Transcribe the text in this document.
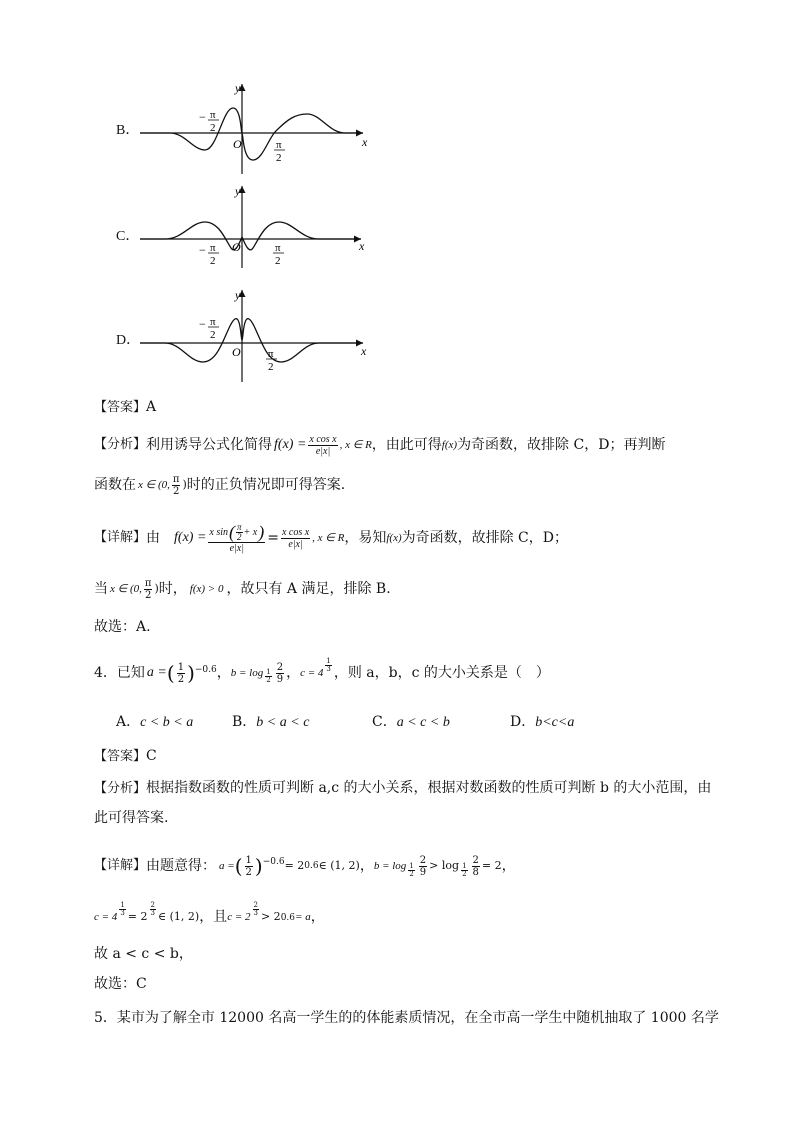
B．
x
y
O
− π
2
π
2
C．
x
y
O
− π
2
π
2
D．
x
y
O
− π
2
π
2
【答案】A
【分析】 利用诱导公式化简得 $f(x) = \frac{\text{x cos x}}{e|x|}$ , x ∈ R ，由此可得 f(x) 为奇函数，故排除 C，D；再判断
函数在 x ∈ (0, $\frac{\pi}{2}$ ) 时的正负情况即可得答案.
【详解】 由 $f(x) = \frac{x \sin ( \frac{\pi}{2} + x )}{e|x|} = \frac{\text{x cos x}}{e|x|}$ , x ∈ R ，易知 f(x) 为奇函数，故排除 C，D；
当 x ∈ (0, $\frac{\pi}{2}$ ) 时， f(x) > 0 ，故只有 A 满足，排除 B.
故选：A.
4．已知 a = ( $\frac{1}{2} )^{-0.6}$ ， $b = \log \frac{1}{2} \frac{2}{9}$ ， $c = 4 \frac{1}{3}$ ，则 a，b，c 的大小关系是（　）
A．c < b < a	B．b < a < c	C．a < c < b	D．b<c<a
【答案】C
【分析】根据指数函数的性质可判断 a,c 的大小关系，根据对数函数的性质可判断 b 的大小范围，由
此可得答案.
【详解】 由题意得： a = ( $\frac{1}{2} )^{-0.6} = 2$ 0.6 ∈ (1, 2) ， $b = \log \frac{1}{2} \frac{2}{9} > \log \frac{1}{2} \frac{2}{8} = 2$ ，
$c = 4 \frac{1}{3} = 2 \frac{2}{3}$ ∈ (1, 2) ，且 $c = 2 \frac{2}{3} > 2$ 0.6 = a ，
故 a < c < b，
故选：C
5．某市为了解全市 12000 名高一学生的的体能素质情况，在全市高一学生中随机抽取了 1000 名学
